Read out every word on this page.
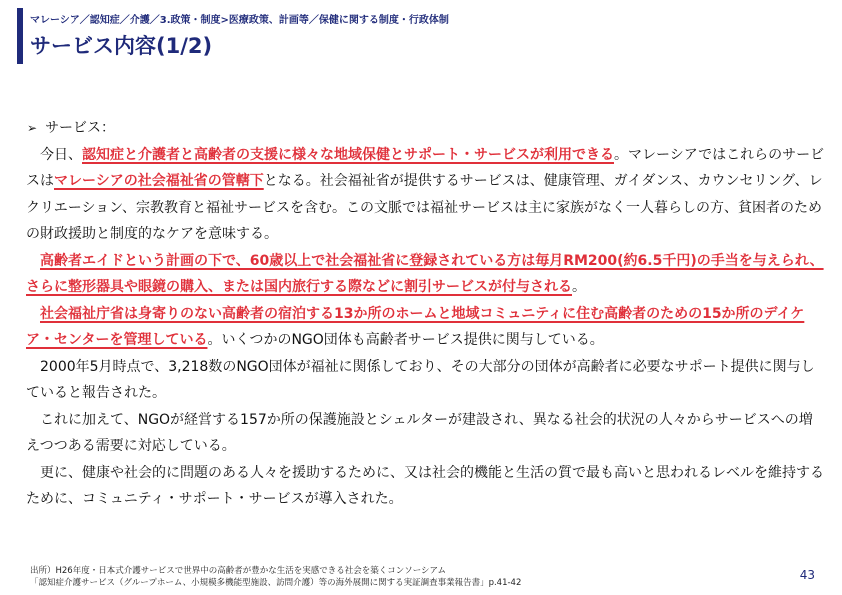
マレーシア／認知症／介護／3.政策・制度>医療政策、計画等／保健に関する制度・行政体制
サービス内容(1/2)
➢ サービス：
今日、認知症と介護者と高齢者の支援に様々な地域保健とサポート・サービスが利用できる。マレーシアではこれらのサービスはマレーシアの社会福祉省の管轄下となる。社会福祉省が提供するサービスは、健康管理、ガイダンス、カウンセリング、レクリエーション、宗教教育と福祉サービスを含む。この文脈では福祉サービスは主に家族がなく一人暮らしの方、貧困者のための財政援助と制度的なケアを意味する。
高齢者エイドという計画の下で、60歳以上で社会福祉省に登録されている方は毎月RM200(約6.5千円)の手当を与えられ、さらに整形器具や眼鏡の購入、または国内旅行する際などに割引サービスが付与される。
社会福祉庁省は身寄りのない高齢者の宿泊する13か所のホームと地域コミュニティに住む高齢者のための15か所のデイケア・センターを管理している。いくつかのNGO団体も高齢者サービス提供に関与している。
2000年5月時点で、3,218数のNGO団体が福祉に関係しており、その大部分の団体が高齢者に必要なサポート提供に関与していると報告された。
これに加えて、NGOが経営する157か所の保護施設とシェルターが建設され、異なる社会的状況の人々からサービスへの増えつつある需要に対応している。
更に、健康や社会的に問題のある人々を援助するために、又は社会的機能と生活の質で最も高いと思われるレベルを維持するために、コミュニティ・サポート・サービスが導入された。
出所）H26年度・日本式介護サービスで世界中の高齢者が豊かな生活を実感できる社会を築くコンソーシアム
「認知症介護サービス（グループホーム、小規模多機能型施設、訪問介護）等の海外展開に関する実証調査事業報告書」p.41-42
43
